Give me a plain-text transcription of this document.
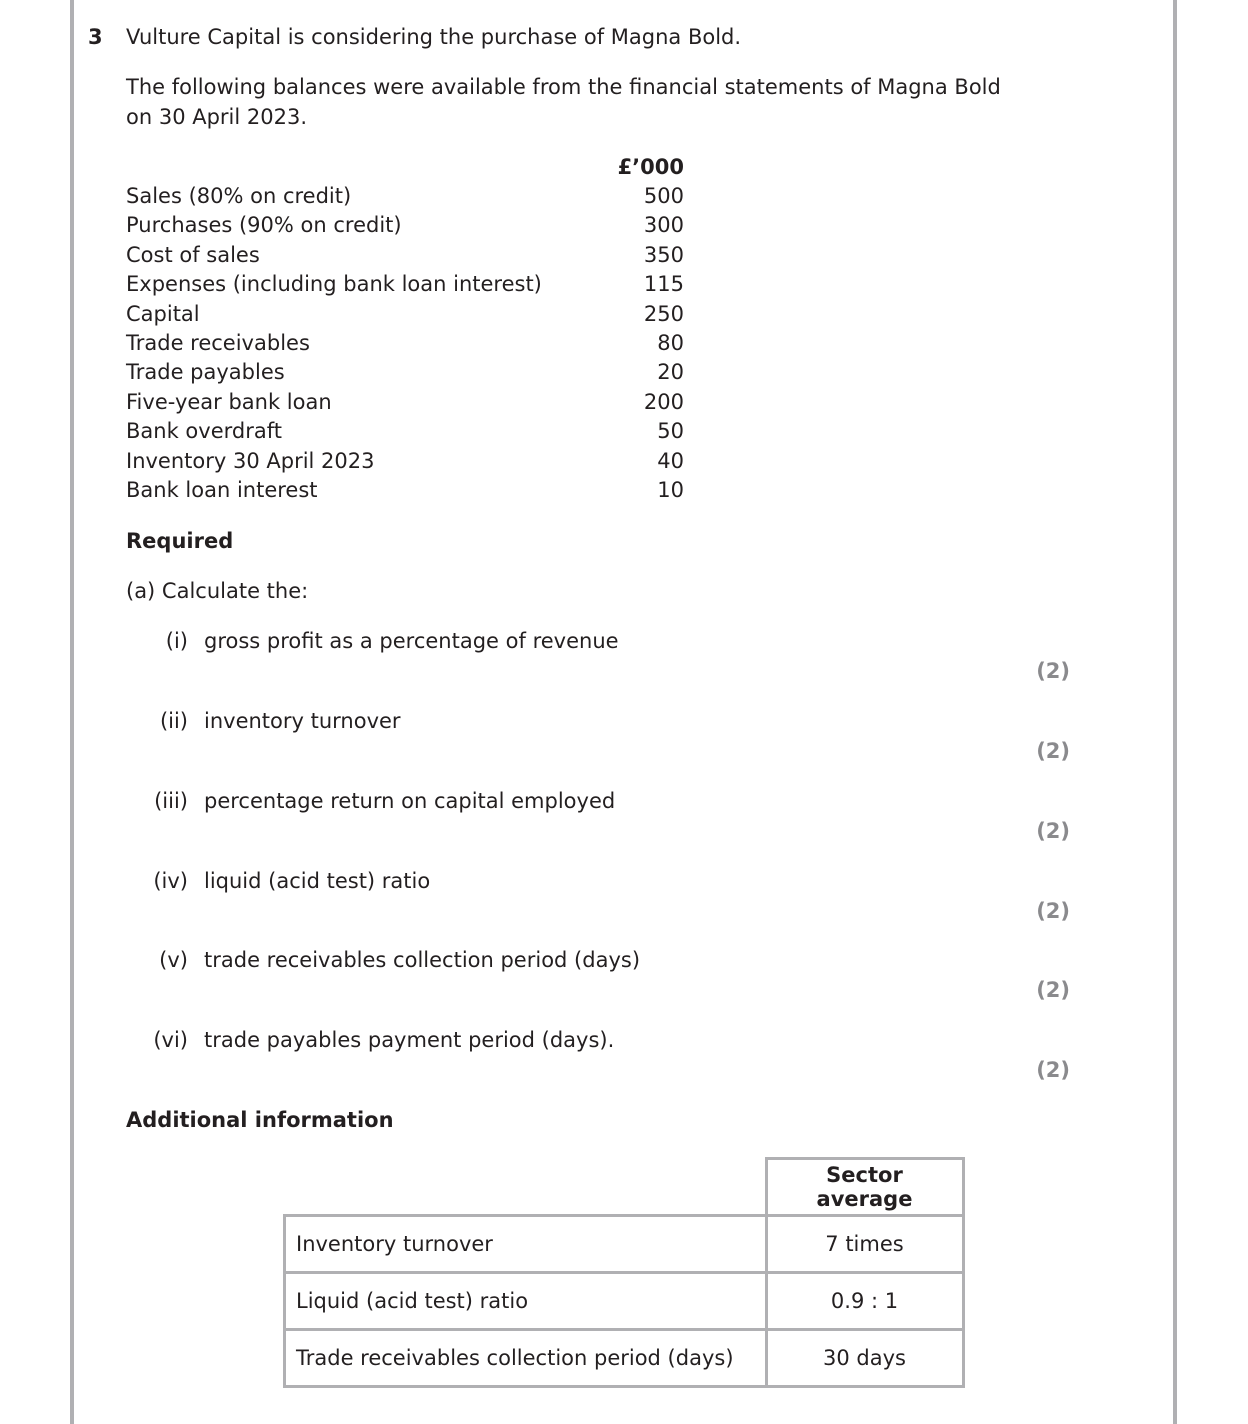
3 Vulture Capital is considering the purchase of Magna Bold.
The following balances were available from the financial statements of Magna Bold
on 30 April 2023.
£’000
Sales (80% on credit)	500
Purchases (90% on credit)	300
Cost of sales	350
Expenses (including bank loan interest)	115
Capital	250
Trade receivables	80
Trade payables	20
Five-year bank loan	200
Bank overdraft	50
Inventory 30 April 2023	40
Bank loan interest	10
Required
(a) Calculate the:
(i) gross profit as a percentage of revenue
(2)
(ii) inventory turnover
(2)
(iii) percentage return on capital employed
(2)
(iv) liquid (acid test) ratio
(2)
(v) trade receivables collection period (days)
(2)
(vi) trade payables payment period (days).
(2)
Additional information
	Sector average
Inventory turnover	7 times
Liquid (acid test) ratio	0.9 : 1
Trade receivables collection period (days)	30 days
